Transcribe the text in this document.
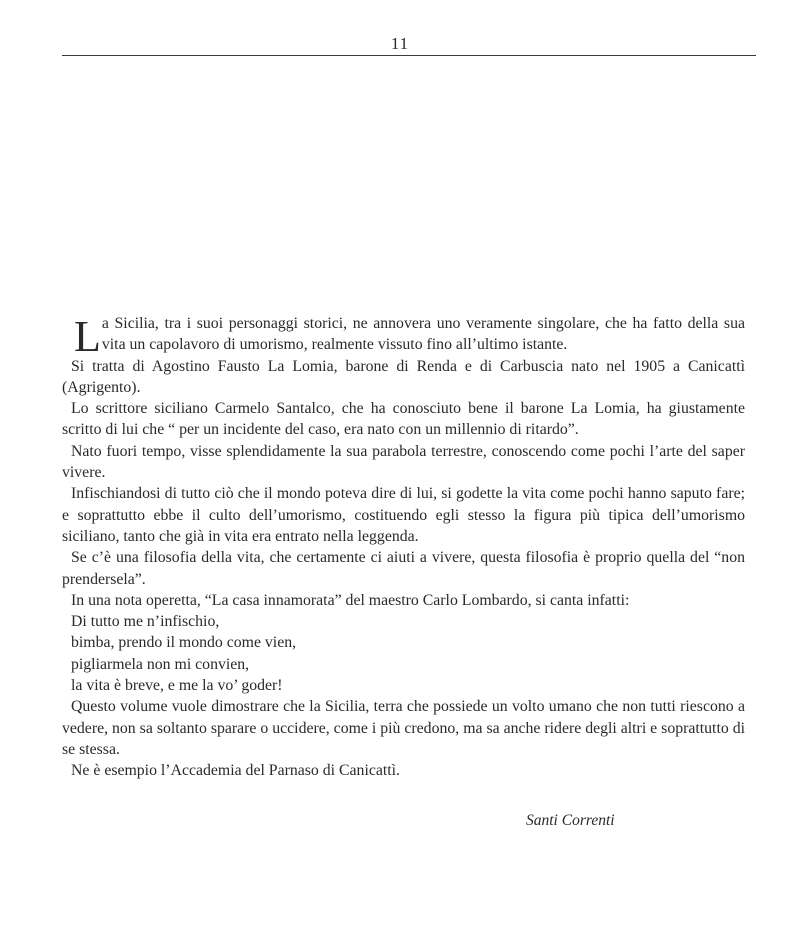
11

La Sicilia, tra i suoi personaggi storici, ne annovera uno veramente singolare, che ha fatto della sua vita un capolavoro di umorismo, realmente vissuto fino all’ultimo istante.

Si tratta di Agostino Fausto La Lomia, barone di Renda e di Carbuscia nato nel 1905 a Canicattì (Agrigento).

Lo scrittore siciliano Carmelo Santalco, che ha conosciuto bene il barone La Lomia, ha giustamente scritto di lui che “ per un incidente del caso, era nato con un millennio di ritardo”.

Nato fuori tempo, visse splendidamente la sua parabola terrestre, conoscendo come pochi l’arte del saper vivere.

Infischiandosi di tutto ciò che il mondo poteva dire di lui, si godette la vita come pochi hanno saputo fare; e soprattutto ebbe il culto dell’umorismo, costituendo egli stesso la figura più tipica dell’umorismo siciliano, tanto che già in vita era entrato nella leggenda.

Se c’è una filosofia della vita, che certamente ci aiuti a vivere, questa filosofia è proprio quella del “non prendersela”.

In una nota operetta, “La casa innamorata” del maestro Carlo Lombardo, si canta infatti:

Di tutto me n’infischio,
bimba, prendo il mondo come vien,
pigliarmela non mi convien,
la vita è breve, e me la vo’ goder!

Questo volume vuole dimostrare che la Sicilia, terra che possiede un volto umano che non tutti riescono a vedere, non sa soltanto sparare o uccidere, come i più credono, ma sa anche ridere degli altri e soprattutto di se stessa.

Ne è esempio l’Accademia del Parnaso di Canicattì.

Santi Correnti
